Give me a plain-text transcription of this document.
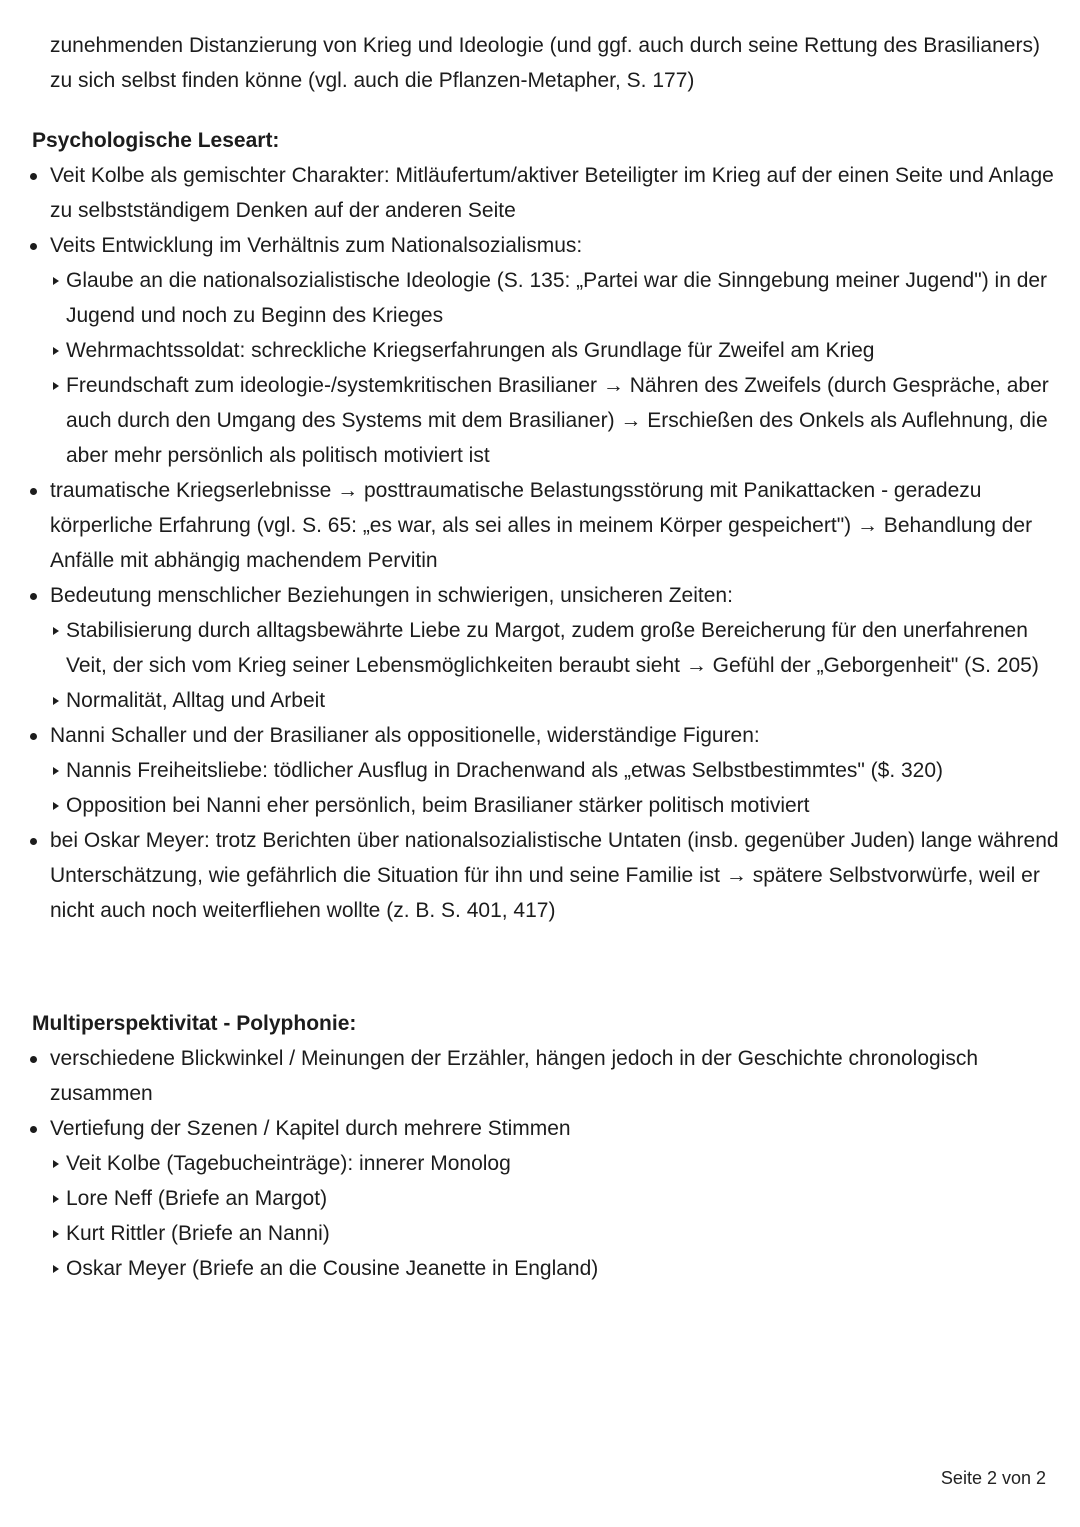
zunehmenden Distanzierung von Krieg und Ideologie (und ggf. auch durch seine Rettung des Brasilianers) zu sich selbst finden könne (vgl. auch die Pflanzen-Metapher, S. 177)
Psychologische Leseart:
Veit Kolbe als gemischter Charakter: Mitläufertum/aktiver Beteiligter im Krieg auf der einen Seite und Anlage zu selbstständigem Denken auf der anderen Seite
Veits Entwicklung im Verhältnis zum Nationalsozialismus:
Glaube an die nationalsozialistische Ideologie (S. 135: „Partei war die Sinngebung meiner Jugend") in der Jugend und noch zu Beginn des Krieges
Wehrmachtssoldat: schreckliche Kriegserfahrungen als Grundlage für Zweifel am Krieg
Freundschaft zum ideologie-/systemkritischen Brasilianer → Nähren des Zweifels (durch Gespräche, aber auch durch den Umgang des Systems mit dem Brasilianer) → Erschießen des Onkels als Auflehnung, die aber mehr persönlich als politisch motiviert ist
traumatische Kriegserlebnisse → posttraumatische Belastungsstörung mit Panikattacken - geradezu körperliche Erfahrung (vgl. S. 65: „es war, als sei alles in meinem Körper gespeichert") → Behandlung der Anfälle mit abhängig machendem Pervitin
Bedeutung menschlicher Beziehungen in schwierigen, unsicheren Zeiten:
Stabilisierung durch alltagsbewährte Liebe zu Margot, zudem große Bereicherung für den unerfahrenen Veit, der sich vom Krieg seiner Lebensmöglichkeiten beraubt sieht → Gefühl der „Geborgenheit" (S. 205)
Normalität, Alltag und Arbeit
Nanni Schaller und der Brasilianer als oppositionelle, widerständige Figuren:
Nannis Freiheitsliebe: tödlicher Ausflug in Drachenwand als „etwas Selbstbestimmtes" ($. 320)
Opposition bei Nanni eher persönlich, beim Brasilianer stärker politisch motiviert
bei Oskar Meyer: trotz Berichten über nationalsozialistische Untaten (insb. gegenüber Juden) lange während Unterschätzung, wie gefährlich die Situation für ihn und seine Familie ist → spätere Selbstvorwürfe, weil er nicht auch noch weiterfliehen wollte (z. B. S. 401, 417)
Multiperspektivitat - Polyphonie:
verschiedene Blickwinkel / Meinungen der Erzähler, hängen jedoch in der Geschichte chronologisch zusammen
Vertiefung der Szenen / Kapitel durch mehrere Stimmen
Veit Kolbe (Tagebucheinträge): innerer Monolog
Lore Neff (Briefe an Margot)
Kurt Rittler (Briefe an Nanni)
Oskar Meyer (Briefe an die Cousine Jeanette in England)
Seite 2 von 2
